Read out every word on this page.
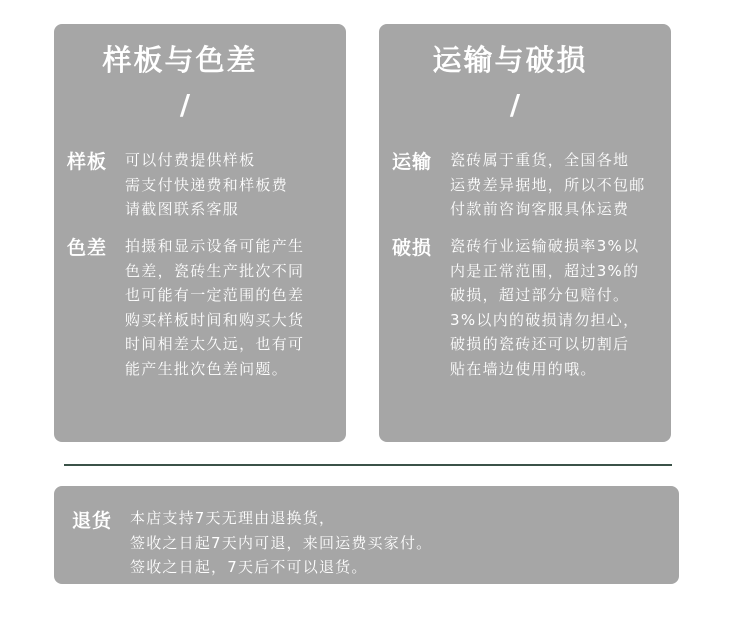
样板与色差
/
样板 可以付费提供样板
需支付快递费和样板费
请截图联系客服
色差 拍摄和显示设备可能产生
色差，瓷砖生产批次不同
也可能有一定范围的色差
购买样板时间和购买大货
时间相差太久远，也有可
能产生批次色差问题。
运输与破损
/
运输 瓷砖属于重货，全国各地
运费差异据地，所以不包邮
付款前咨询客服具体运费
破损 瓷砖行业运输破损率3%以
内是正常范围，超过3%的
破损，超过部分包赔付。
3%以内的破损请勿担心，
破损的瓷砖还可以切割后
贴在墙边使用的哦。
退货 本店支持7天无理由退换货，
签收之日起7天内可退，来回运费买家付。
签收之日起，7天后不可以退货。
